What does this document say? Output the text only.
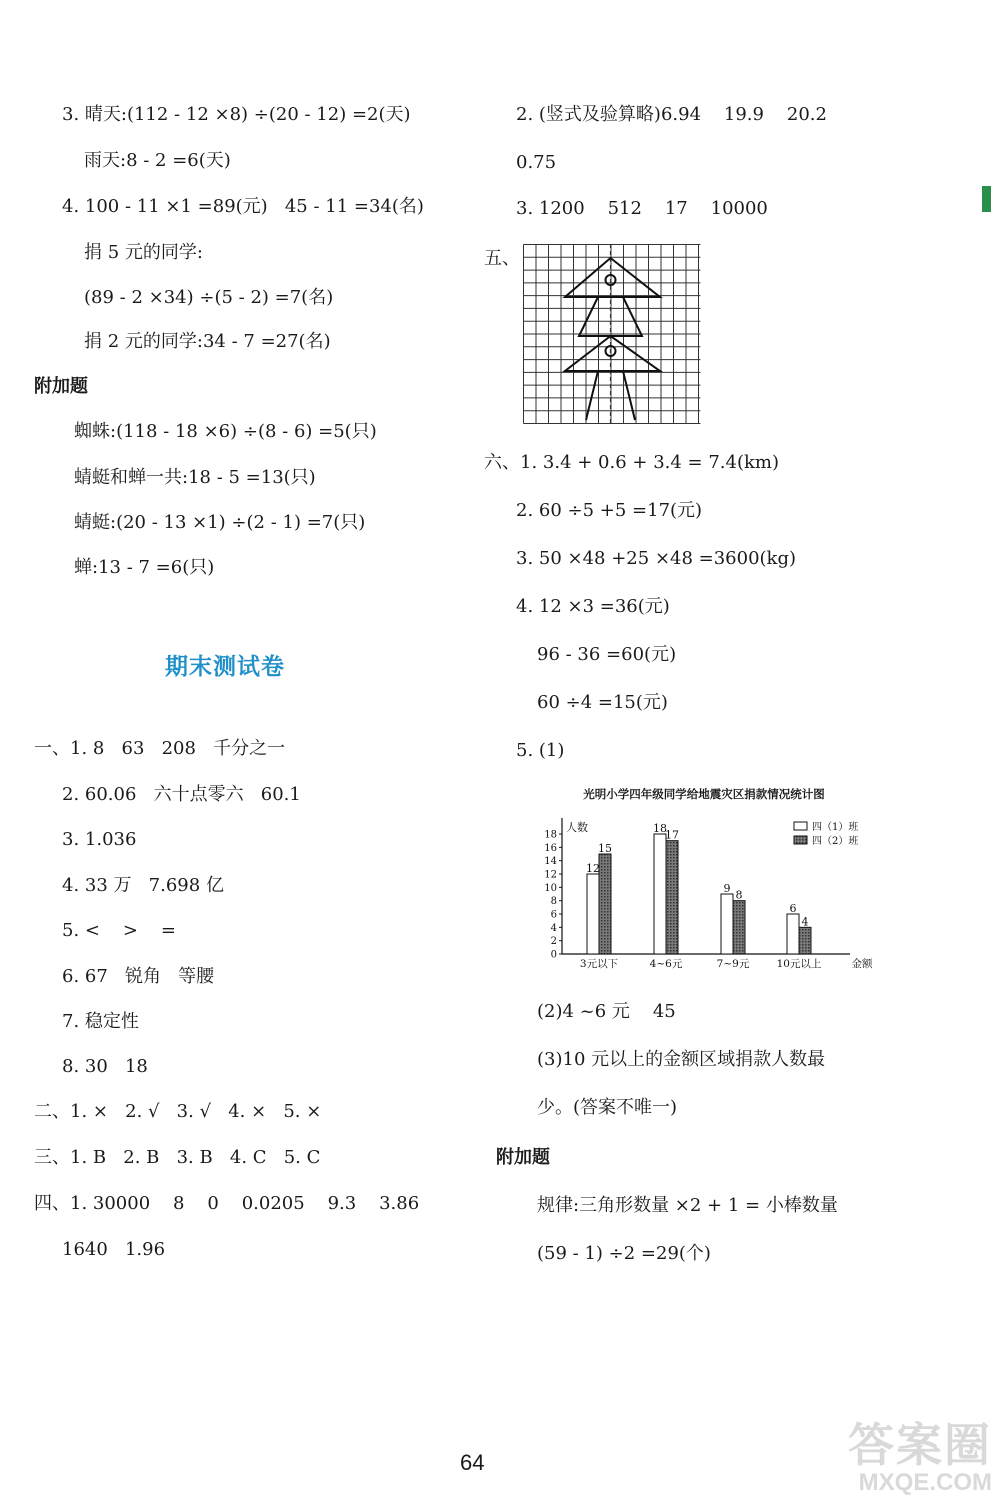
3. 晴天:(112 - 12 ×8) ÷(20 - 12) =2(天)
雨天:8 - 2 =6(天)
4. 100 - 11 ×1 =89(元)   45 - 11 =34(名)
捐 5 元的同学:
(89 - 2 ×34) ÷(5 - 2) =7(名)
捐 2 元的同学:34 - 7 =27(名)
附加题
蜘蛛:(118 - 18 ×6) ÷(8 - 6) =5(只)
蜻蜓和蝉一共:18 - 5 =13(只)
蜻蜓:(20 - 13 ×1) ÷(2 - 1) =7(只)
蝉:13 - 7 =6(只)
期末测试卷
一、1. 8   63   208   千分之一
2. 60.06   六十点零六   60.1
3. 1.036
4. 33 万   7.698 亿
5. <    >    =
6. 67   锐角   等腰
7. 稳定性
8. 30   18
二、1. ×   2. √   3. √   4. ×   5. ×
三、1. B   2. B   3. B   4. C   5. C
四、1. 30000    8    0    0.0205    9.3    3.86
1640   1.96
2. (竖式及验算略)6.94    19.9    20.2
0.75
3. 1200    512    17    10000
五、
六、1. 3.4 + 0.6 + 3.4 = 7.4(km)
2. 60 ÷5 +5 =17(元)
3. 50 ×48 +25 ×48 =3600(kg)
4. 12 ×3 =36(元)
96 - 36 =60(元)
60 ÷4 =15(元)
5. (1)
光明小学四年级同学给地震灾区捐款情况统计图
人数
0
2
4
6
8
10
12
14
16
18
12
15
3元以下
18
17
4~6元
9
8
7~9元
6
4
10元以上	金额
四（1）班
四（2）班
(2)4 ~6 元    45
(3)10 元以上的金额区域捐款人数最
少。(答案不唯一)
附加题
规律:三角形数量 ×2 + 1 = 小棒数量
(59 - 1) ÷2 =29(个)
64	答案圈
MXQE.COM
